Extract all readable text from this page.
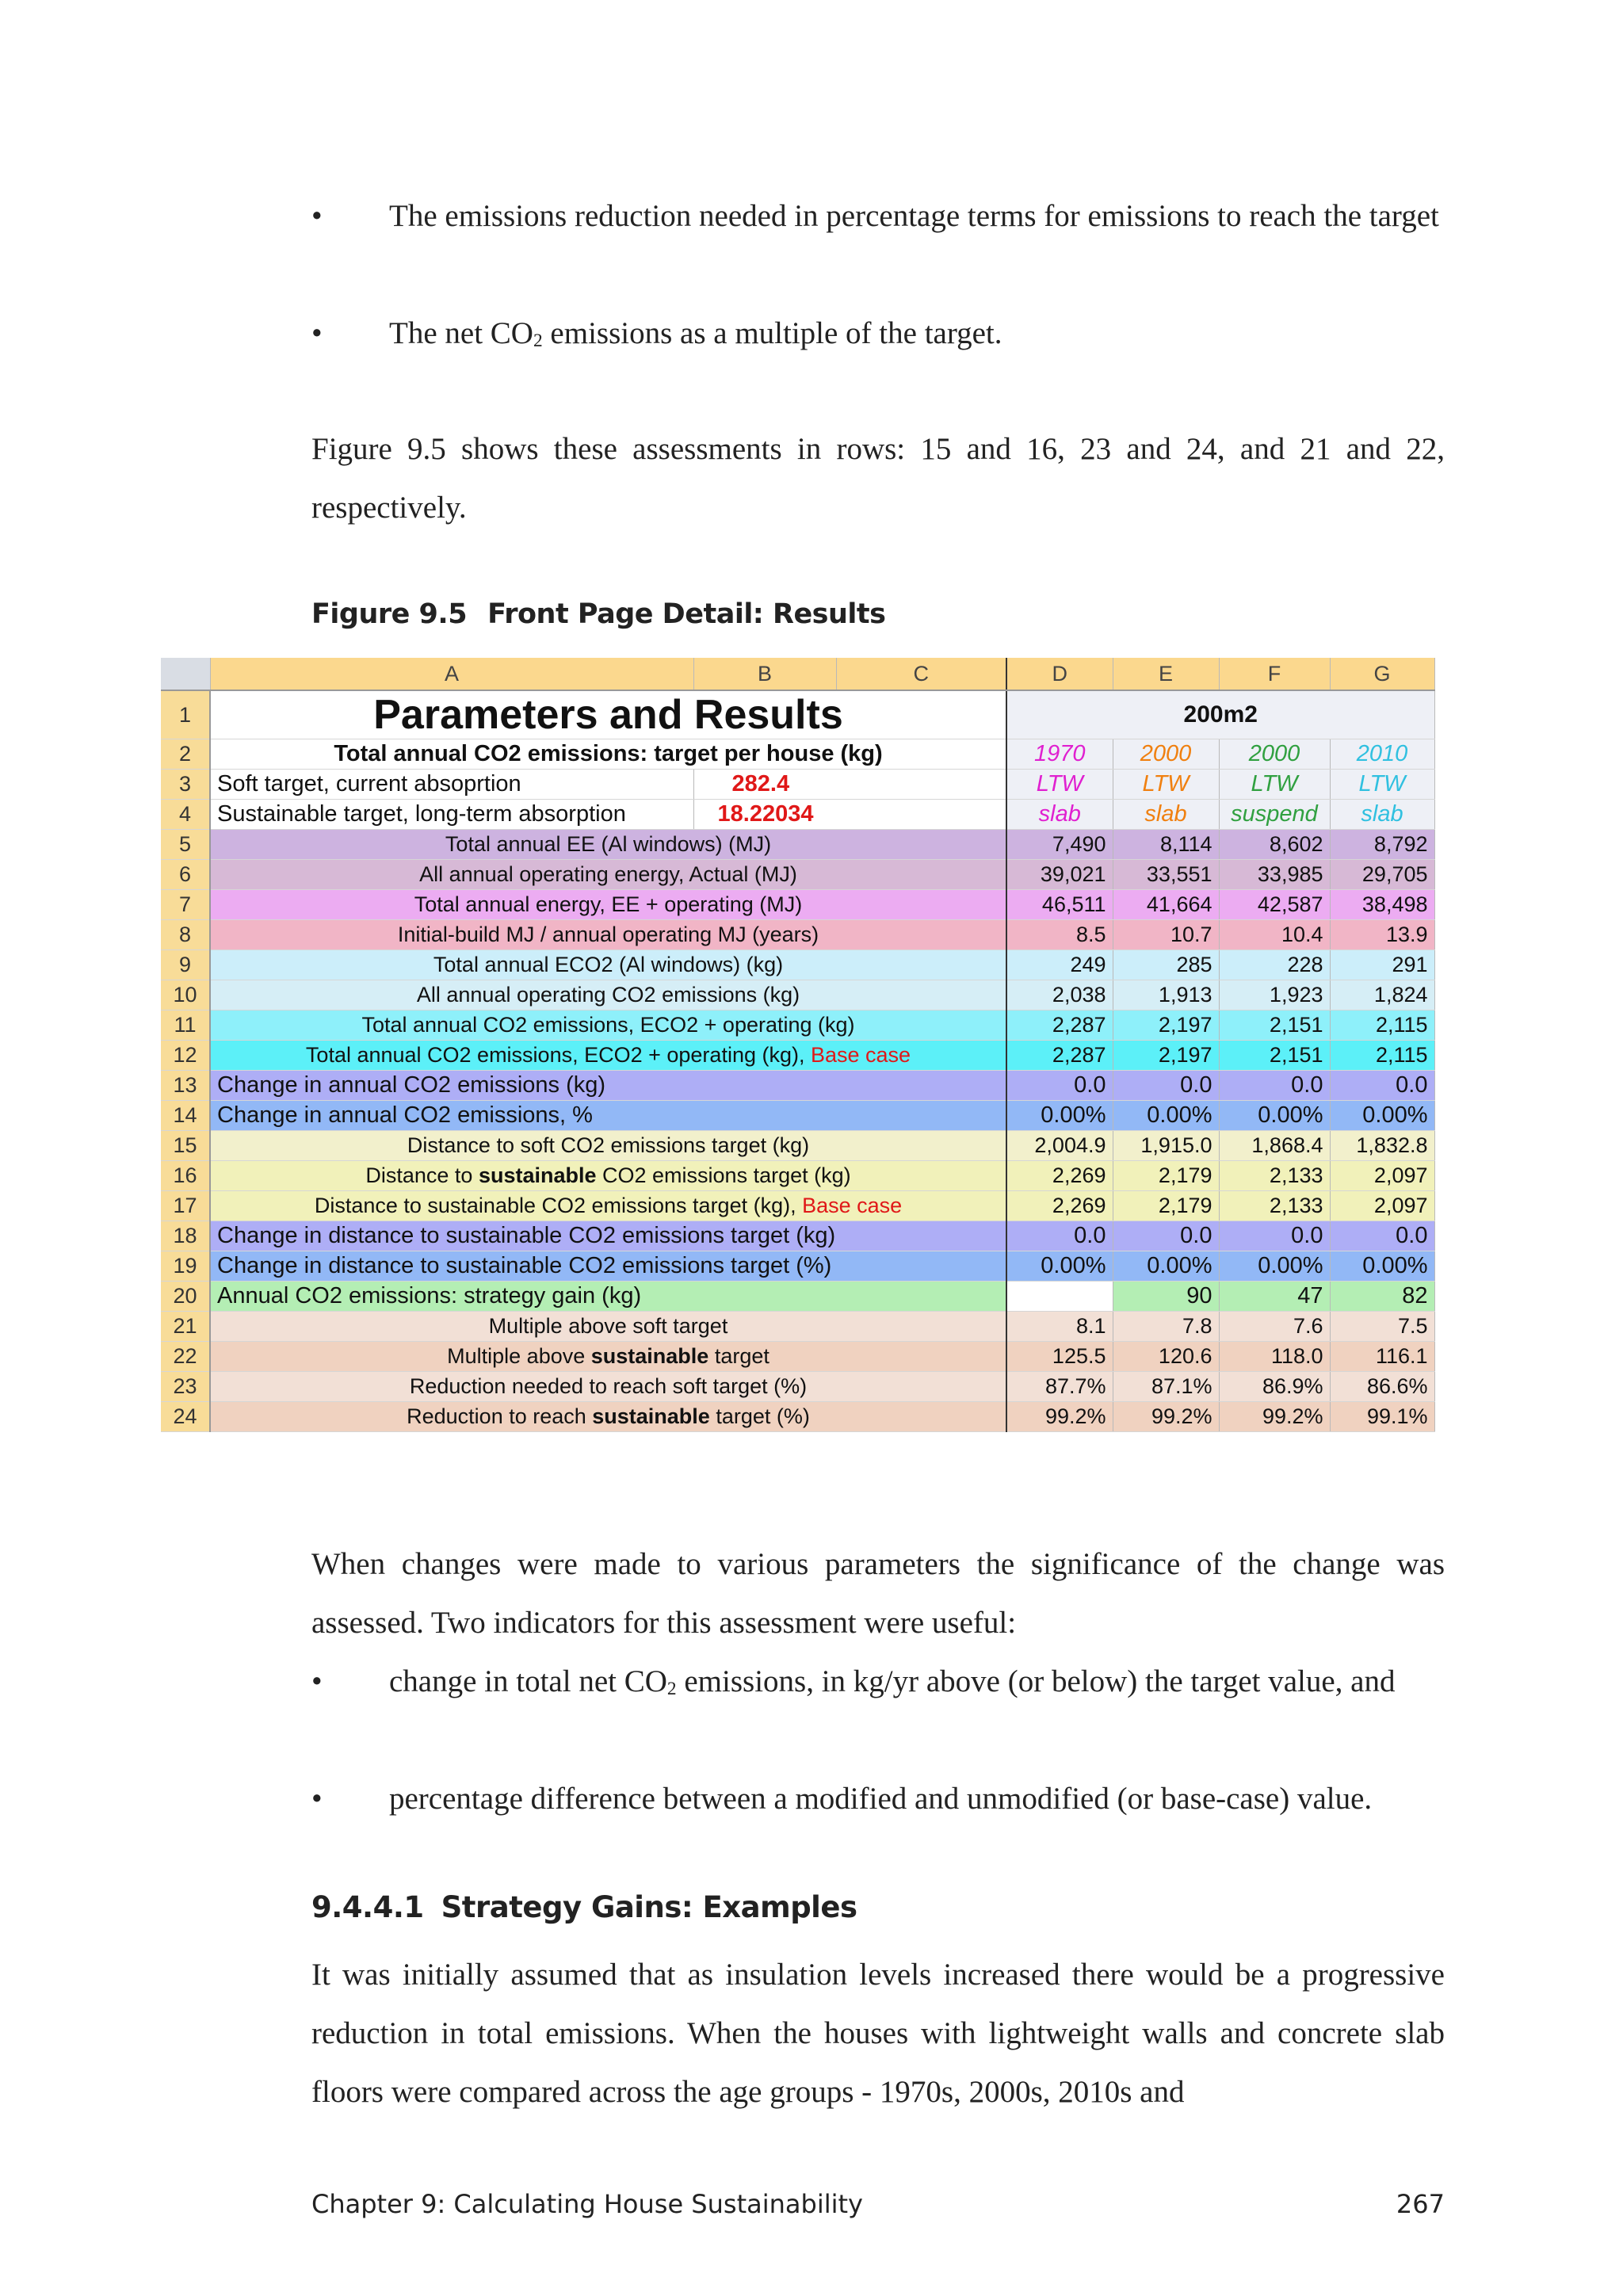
• The emissions reduction needed in percentage terms for emissions to reach the target
• The net $CO_2$ emissions as a multiple of the target.
Figure 9.5 shows these assessments in rows: 15 and 16, 23 and 24, and 21 and 22, respectively.
Figure 9.5 Front Page Detail: Results
	A	B	C	D	E	F	G
1	Parameters and Results			200m2			
2	Total annual CO2 emissions: target per house (kg)			1970	2000	2000	2010
3	Soft target, current absoprtion	282.4		LTW	LTW	LTW	LTW
4	Sustainable target, long-term absorption	18.22034		slab	slab	suspend	slab
5	Total annual EE (Al windows) (MJ)			7,490	8,114	8,602	8,792
6	All annual operating energy, Actual (MJ)			39,021	33,551	33,985	29,705
7	Total annual energy, EE + operating (MJ)			46,511	41,664	42,587	38,498
8	Initial-build MJ / annual operating MJ (years)			8.5	10.7	10.4	13.9
9	Total annual ECO2 (Al windows) (kg)			249	285	228	291
10	All annual operating CO2 emissions (kg)			2,038	1,913	1,923	1,824
11	Total annual CO2 emissions, ECO2 + operating (kg)			2,287	2,197	2,151	2,115
12	Total annual CO2 emissions, ECO2 + operating (kg), Base case			2,287	2,197	2,151	2,115
13	Change in annual CO2 emissions (kg)			0.0	0.0	0.0	0.0
14	Change in annual CO2 emissions, %			0.00%	0.00%	0.00%	0.00%
15	Distance to soft CO2 emissions target (kg)			2,004.9	1,915.0	1,868.4	1,832.8
16	Distance to sustainable CO2 emissions target (kg)			2,269	2,179	2,133	2,097
17	Distance to sustainable CO2 emissions target (kg), Base case			2,269	2,179	2,133	2,097
18	Change in distance to sustainable CO2 emissions target (kg)			0.0	0.0	0.0	0.0
19	Change in distance to sustainable CO2 emissions target (%)			0.00%	0.00%	0.00%	0.00%
20	Annual CO2 emissions: strategy gain (kg)				90	47	82
21	Multiple above soft target			8.1	7.8	7.6	7.5
22	Multiple above sustainable target			125.5	120.6	118.0	116.1
23	Reduction needed to reach soft target (%)			87.7%	87.1%	86.9%	86.6%
24	Reduction to reach sustainable target (%)			99.2%	99.2%	99.2%	99.1%
When changes were made to various parameters the significance of the change was assessed. Two indicators for this assessment were useful:
• change in total net $CO_2$ emissions, in kg/yr above (or below) the target value, and
• percentage difference between a modified and unmodified (or base-case) value.
9.4.4.1 Strategy Gains: Examples
It was initially assumed that as insulation levels increased there would be a progressive reduction in total emissions. When the houses with lightweight walls and concrete slab floors were compared across the age groups - 1970s, 2000s, 2010s and
Chapter 9: Calculating House Sustainability	267
